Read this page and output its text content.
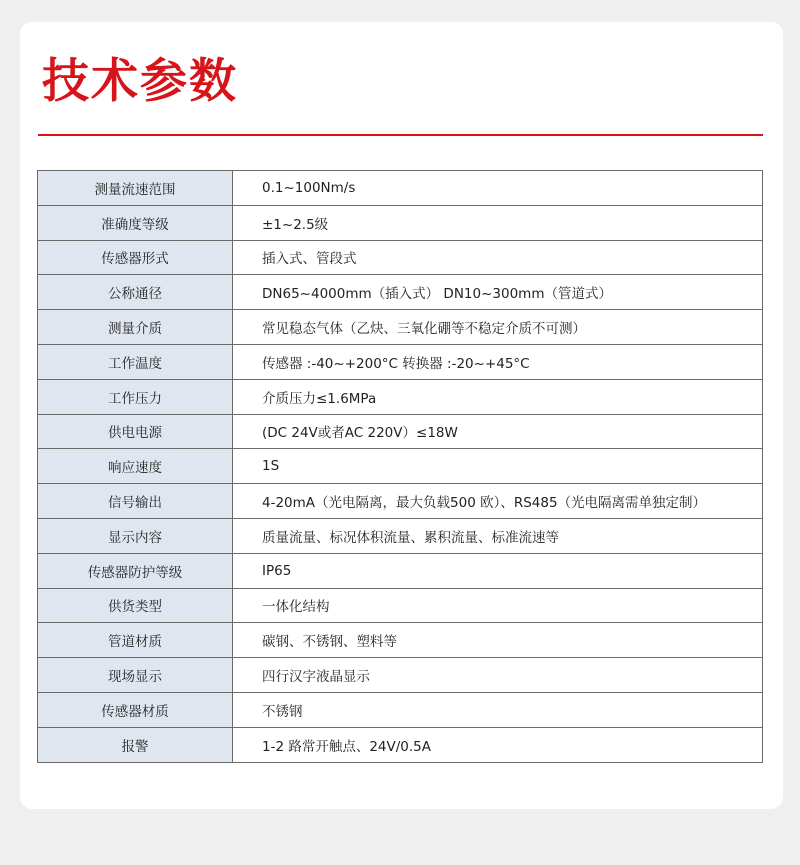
技术参数
测量流速范围	0.1~100Nm/s
准确度等级	±1~2.5级
传感器形式	插入式、管段式
公称通径	DN65~4000mm（插入式） DN10~300mm（管道式）
测量介质	常见稳态气体（乙炔、三氧化硼等不稳定介质不可测）
工作温度	传感器 :-40~+200°C 转换器 :-20~+45°C
工作压力	介质压力≤1.6MPa
供电电源	(DC 24V或者AC 220V）≤18W
响应速度	1S
信号输出	4-20mA（光电隔离，最大负载500 欧）、RS485（光电隔离需单独定制）
显示内容	质量流量、标况体积流量、累积流量、标准流速等
传感器防护等级	IP65
供货类型	一体化结构
管道材质	碳钢、不锈钢、塑料等
现场显示	四行汉字液晶显示
传感器材质	不锈钢
报警	1-2 路常开触点、24V/0.5A
